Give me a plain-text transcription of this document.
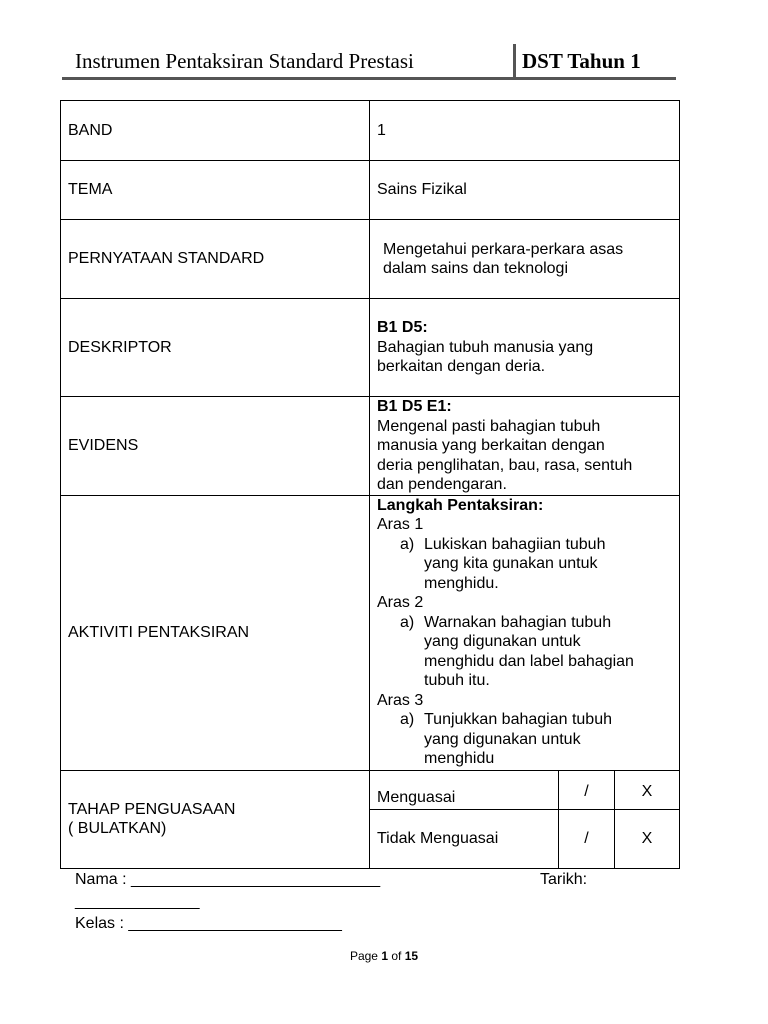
Instrumen Pentaksiran Standard Prestasi	DST Tahun 1
BAND	1
TEMA	Sains Fizikal
PERNYATAAN STANDARD	
Mengetahui perkara-perkara asas
dalam sains dan teknologi

DESKRIPTOR	
B1 D5:
Bahagian tubuh manusia yang
berkaitan dengan deria.

EVIDENS	
B1 D5 E1:
Mengenal pasti bahagian tubuh
manusia yang berkaitan dengan
deria penglihatan, bau, rasa, sentuh
dan pendengaran.

AKTIVITI PENTAKSIRAN	
Langkah Pentaksiran:
Aras 1
a) Lukiskan bahagiian tubuh
yang kita gunakan untuk
menghidu.
Aras 2
a) Warnakan bahagian tubuh
yang digunakan untuk
menghidu dan label bahagian
tubuh itu.
Aras 3
a) Tunjukkan bahagian tubuh
yang digunakan untuk
menghidu

TAHAP PENGUASAAN
( BULATKAN)

Menguasai	/	X
Tidak Menguasai	/	X
Nama : ____________________________	Tarikh:
______________
Kelas : ________________________
Page 1 of 15
